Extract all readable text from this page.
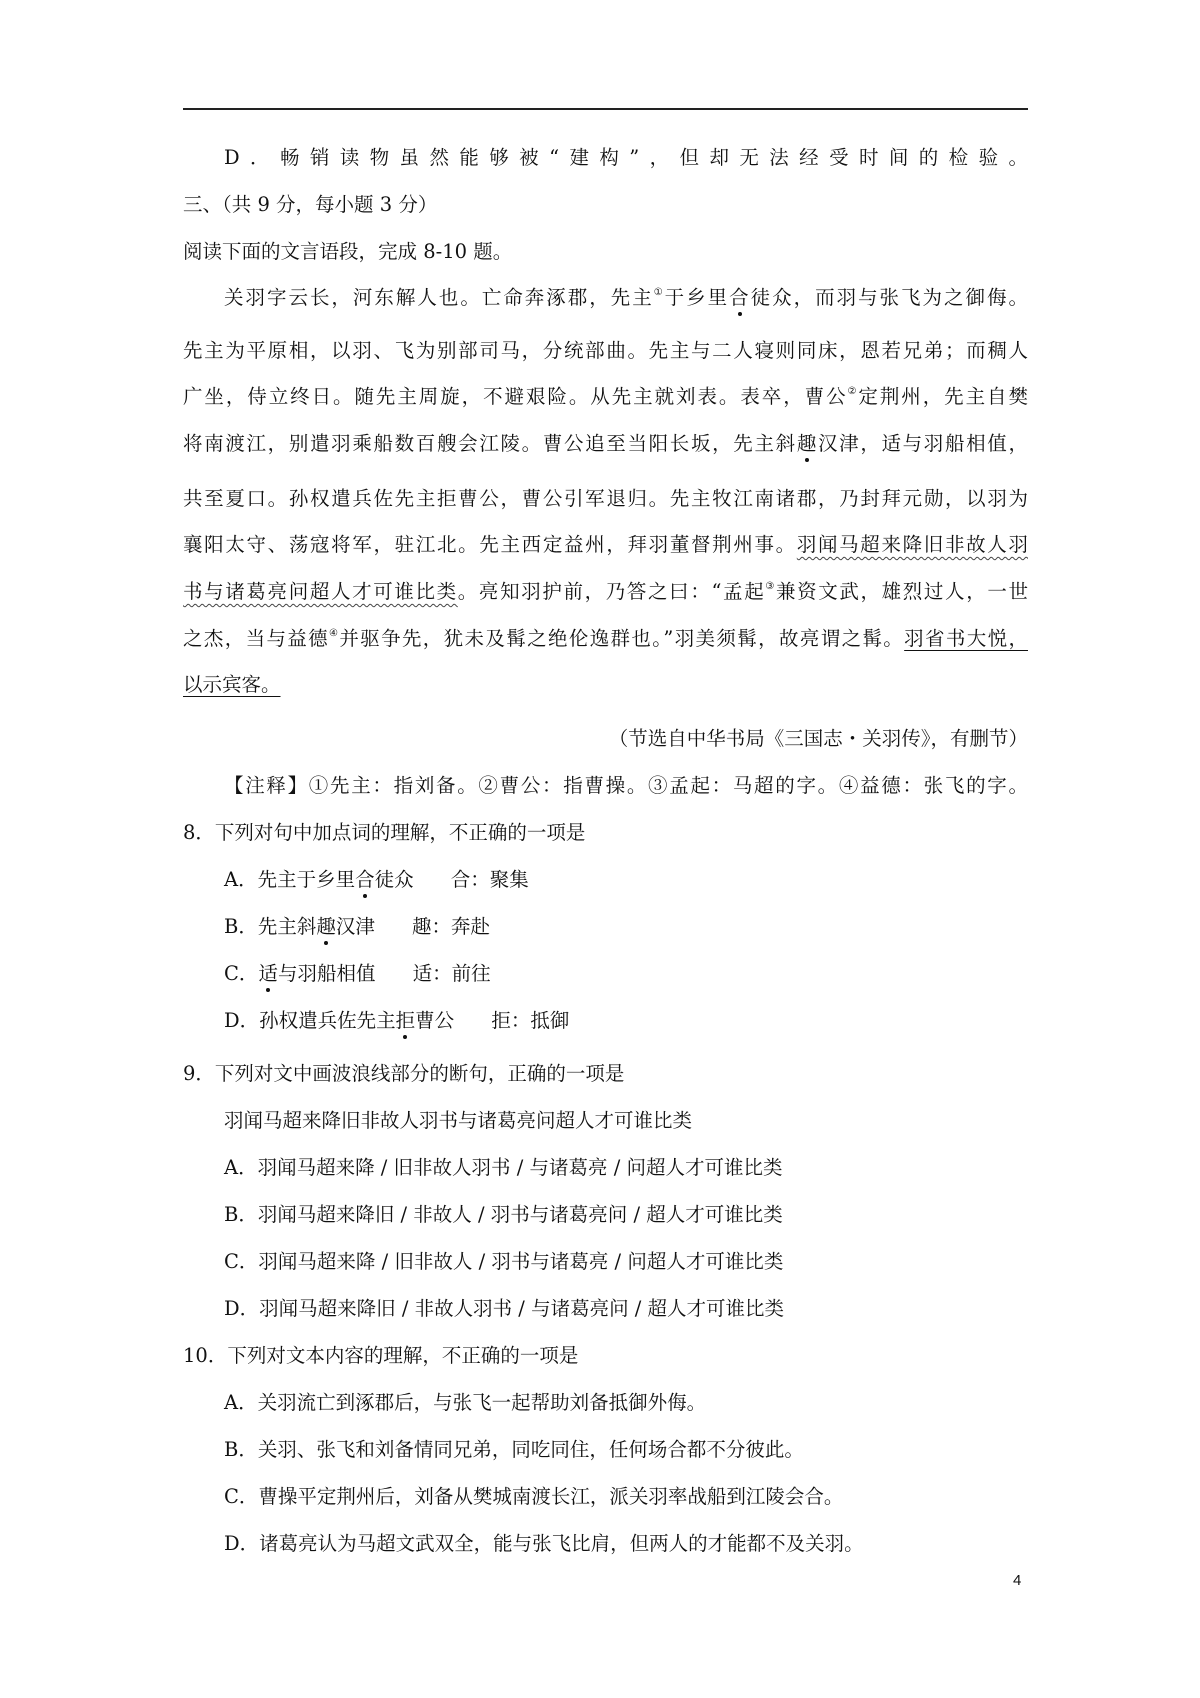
D．畅销读物虽然能够被“建构”，但却无法经受时间的检验。
三、（共 9 分，每小题 3 分）
阅读下面的文言语段，完成 8-10 题。
关羽字云长，河东解人也。亡命奔涿郡，先主①于乡里合徒众，而羽与张飞为之御侮。
先主为平原相，以羽、飞为别部司马，分统部曲。先主与二人寝则同床，恩若兄弟；而稠人
广坐，侍立终日。随先主周旋，不避艰险。从先主就刘表。表卒，曹公②定荆州，先主自樊
将南渡江，别遣羽乘船数百艘会江陵。曹公追至当阳长坂，先主斜趣汉津，适与羽船相值，
共至夏口。孙权遣兵佐先主拒曹公，曹公引军退归。先主牧江南诸郡，乃封拜元勋，以羽为
襄阳太守、荡寇将军，驻江北。先主西定益州，拜羽董督荆州事。羽闻马超来降旧非故人羽
书与诸葛亮问超人才可谁比类。亮知羽护前，乃答之曰：“孟起③兼资文武，雄烈过人，一世
之杰，当与益德④并驱争先，犹未及髯之绝伦逸群也。”羽美须髯，故亮谓之髯。羽省书大悦，
以示宾客。
（节选自中华书局《三国志・关羽传》，有删节）
【注释】①先主：指刘备。②曹公：指曹操。③孟起：马超的字。④益德：张飞的字。
8．下列对句中加点词的理解，不正确的一项是
A．先主于乡里合徒众      合：聚集
B．先主斜趣汉津      趣：奔赴
C．适与羽船相值      适：前往
D．孙权遣兵佐先主拒曹公      拒：抵御
9．下列对文中画波浪线部分的断句，正确的一项是
羽闻马超来降旧非故人羽书与诸葛亮问超人才可谁比类
A．羽闻马超来降 / 旧非故人羽书 / 与诸葛亮 / 问超人才可谁比类
B．羽闻马超来降旧 / 非故人 / 羽书与诸葛亮问 / 超人才可谁比类
C．羽闻马超来降 / 旧非故人 / 羽书与诸葛亮 / 问超人才可谁比类
D．羽闻马超来降旧 / 非故人羽书 / 与诸葛亮问 / 超人才可谁比类
10．下列对文本内容的理解，不正确的一项是
A．关羽流亡到涿郡后，与张飞一起帮助刘备抵御外侮。
B．关羽、张飞和刘备情同兄弟，同吃同住，任何场合都不分彼此。
C．曹操平定荆州后，刘备从樊城南渡长江，派关羽率战船到江陵会合。
D．诸葛亮认为马超文武双全，能与张飞比肩，但两人的才能都不及关羽。
4
